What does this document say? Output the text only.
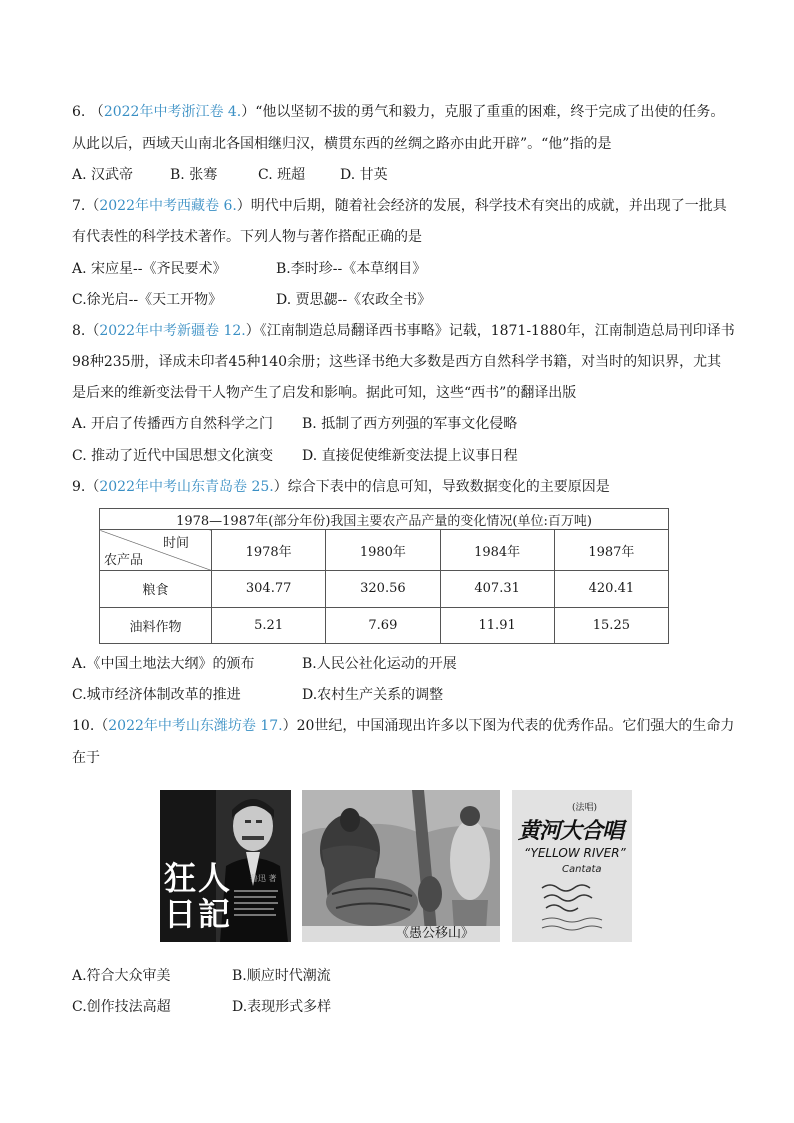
6. （2022年中考浙江卷 4.）“他以坚韧不拔的勇气和毅力，克服了重重的困难，终于完成了出使的任务。
从此以后，西域天山南北各国相继归汉，横贯东西的丝绸之路亦由此开辟”。“他”指的是
A. 汉武帝	B. 张骞	C. 班超 D. 甘英
7.（2022年中考西藏卷 6.）明代中后期，随着社会经济的发展，科学技术有突出的成就，并出现了一批具
有代表性的科学技术著作。下列人物与著作搭配正确的是
A. 宋应星--《齐民要术》	B.李时珍--《本草纲目》
C.徐光启--《天工开物》	D. 贾思勰--《农政全书》
8.（2022年中考新疆卷 12.）《江南制造总局翻译西书事略》记载，1871-1880年，江南制造总局刊印译书
98种235册，译成未印者45种140余册；这些译书绝大多数是西方自然科学书籍，对当时的知识界，尤其
是后来的维新变法骨干人物产生了启发和影响。据此可知，这些“西书”的翻译出版
A. 开启了传播西方自然科学之门 B. 抵制了西方列强的军事文化侵略
C. 推动了近代中国思想文化演变 D. 直接促使维新变法提上议事日程
9.（2022年中考山东青岛卷 25.）综合下表中的信息可知，导致数据变化的主要原因是
1978—1987年(部分年份)我国主要农产品产量的变化情况(单位:百万吨)				

时间
农产品	1978年	1980年	1984年	1987年
粮食	304.77	320.56	407.31	420.41
油料作物	5.21	7.69	11.91	15.25
A.《中国土地法大纲》的颁布	B.人民公社化运动的开展
C.城市经济体制改革的推进	D.农村生产关系的调整
10.（2022年中考山东潍坊卷 17.）20世纪，中国涌现出许多以下图为代表的优秀作品。它们强大的生命力
在于
狂人日記
鲁迅 著
《愚公移山》
(法唱)
黄河大合唱
“YELLOW RIVER”
Cantata
A.符合大众审美	B.顺应时代潮流
C.创作技法高超	D.表现形式多样
